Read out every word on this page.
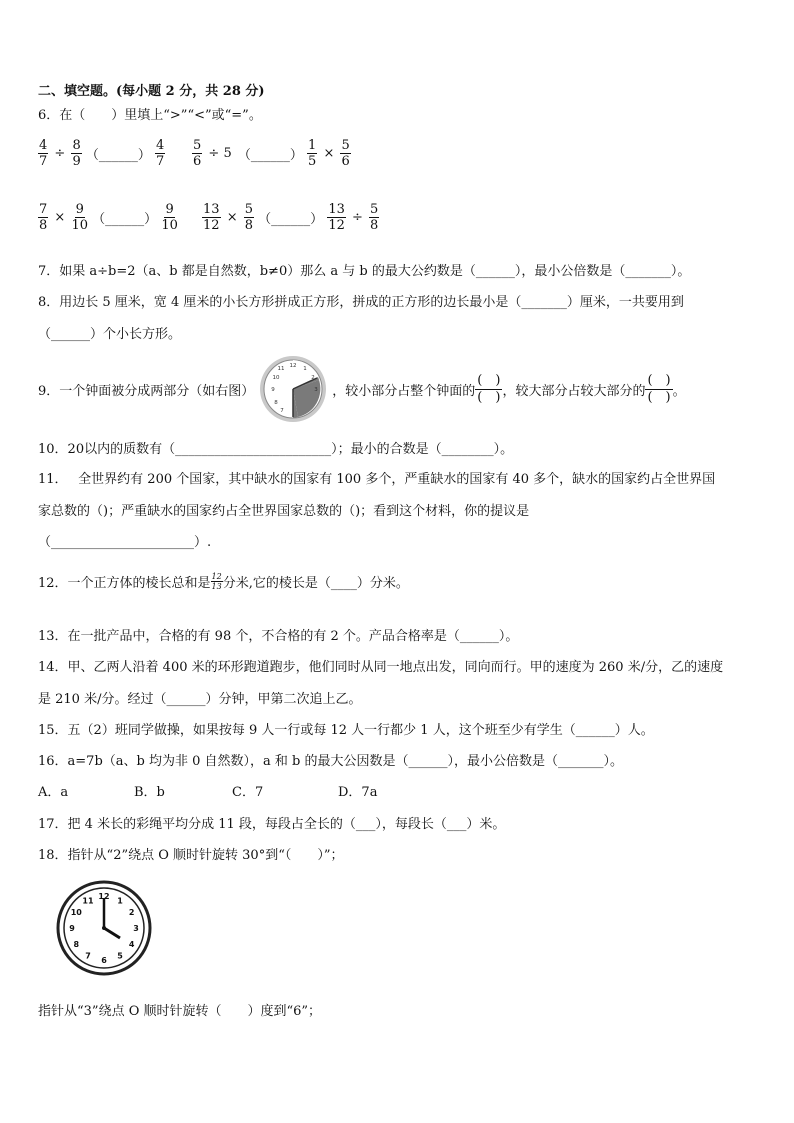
二、填空题。(每小题 2 分，共 28 分)
6．在（　　）里填上“>”“<”或“=”。
$\frac{4}{7} \div \frac{8}{9}$ （______） $\frac{4}{7} \frac{5}{6} \div 5$ （______） $\frac{1}{5} \times \frac{5}{6}$
$\frac{7}{8} \times \frac{9}{10}$ （______） $\frac{9}{10} \frac{13}{12} \times \frac{5}{8}$ （______） $\frac{13}{12} \div \frac{5}{8}$
7．如果 a÷b=2（a、b 都是自然数，b≠0）那么 a 与 b 的最大公约数是（______），最小公倍数是（_______）。
8．用边长 5 厘米，宽 4 厘米的小长方形拼成正方形，拼成的正方形的边长最小是（_______）厘米，一共要用到
（______）个小长方形。
9．一个钟面被分成两部分（如右图）
12 1
2
3
9
10
11
8
7
，较小部分占整个钟面的
(　)
(　) ，较大部分占较大部分的
(　)
(　) 。
10．20以内的质数有（________________________）；最小的合数是（________）。
11．　 全世界约有 200 个国家，其中缺水的国家有 100 多个，严重缺水的国家有 40 多个，缺水的国家约占全世界国
家总数的（)；严重缺水的国家约占全世界国家总数的（)；看到这个材料，你的提议是
（______________________）.
12．一个正方体的棱长总和是 $\frac{12}{13}$ 分米,它的棱长是（____）分米。
13．在一批产品中，合格的有 98 个，不合格的有 2 个。产品合格率是（______）。
14．甲、乙两人沿着 400 米的环形跑道跑步，他们同时从同一地点出发，同向而行。甲的速度为 260 米/分，乙的速度
是 210 米/分。经过（______）分钟，甲第二次追上乙。
15．五（2）班同学做操，如果按每 9 人一行或每 12 人一行都少 1 人，这个班至少有学生（______）人。
16．a=7b（a、b 均为非 0 自然数），a 和 b 的最大公因数是（______），最小公倍数是（_______）。
A．a	B．b	C．7	D．7a
17．把 4 米长的彩绳平均分成 11 段，每段占全长的（___），每段长（___）米。
18．指针从“2”绕点 O 顺时针旋转 30°到“（　　）”；
12 1
2
3
4
5
6
7
8
9
10
11
指针从“3”绕点 O 顺时针旋转（　　）度到“6”；
